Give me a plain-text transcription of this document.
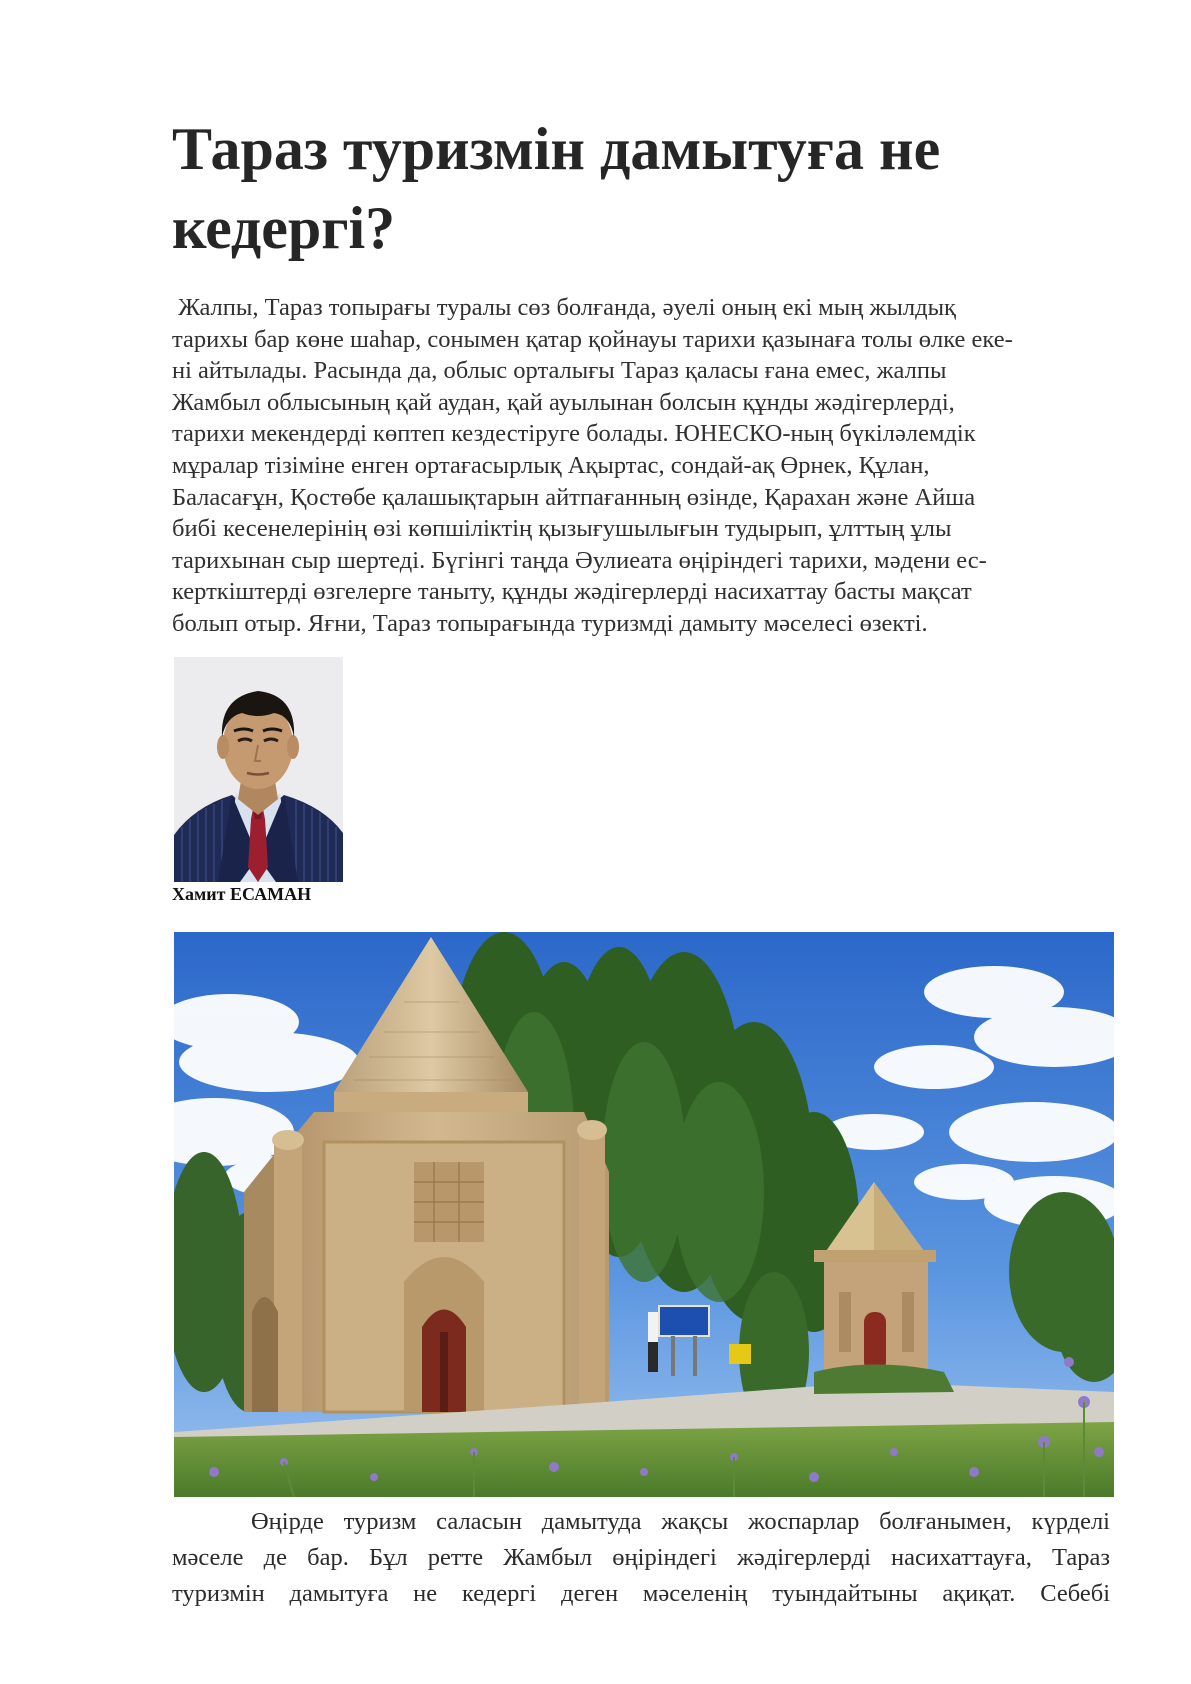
Тараз туризмін дамытуға не
кедергі?
Жалпы, Тараз топырағы туралы сөз болғанда, әуелі оның екі мың жылдық
тарихы бар көне шаһар, сонымен қатар қойнауы тарихи қазынаға толы өлке еке-
ні айтылады. Расында да, облыс орталығы Тараз қаласы ғана емес, жалпы
Жамбыл облысының қай аудан, қай ауылынан болсын құнды жәдігерлерді,
тарихи мекендерді көптеп кездестіруге болады. ЮНЕСКО-ның бүкіләлемдік
мұралар тізіміне енген ортағасырлық Ақыртас, сондай-ақ Өрнек, Құлан,
Баласағұн, Қостөбе қалашықтарын айтпағанның өзінде, Қарахан және Айша
бибі кесенелерінің өзі көпшіліктің қызығушылығын тудырып, ұлттың ұлы
тарихынан сыр шертеді. Бүгінгі таңда Әулиеата өңіріндегі тарихи, мәдени ес-
керткіштерді өзгелерге таныту, құнды жәдігерлерді насихаттау басты мақсат
болып отыр. Яғни, Тараз топырағында туризмді дамыту мәселесі өзекті.
Хамит ЕСАМАН
Өңірде туризм саласын дамытуда жақсы жоспарлар болғанымен, күрделі
мәселе де бар. Бұл ретте Жамбыл өңіріндегі жәдігерлерді насихаттауға, Тараз
туризмін дамытуға не кедергі деген мәселенің туындайтыны ақиқат. Себебі
